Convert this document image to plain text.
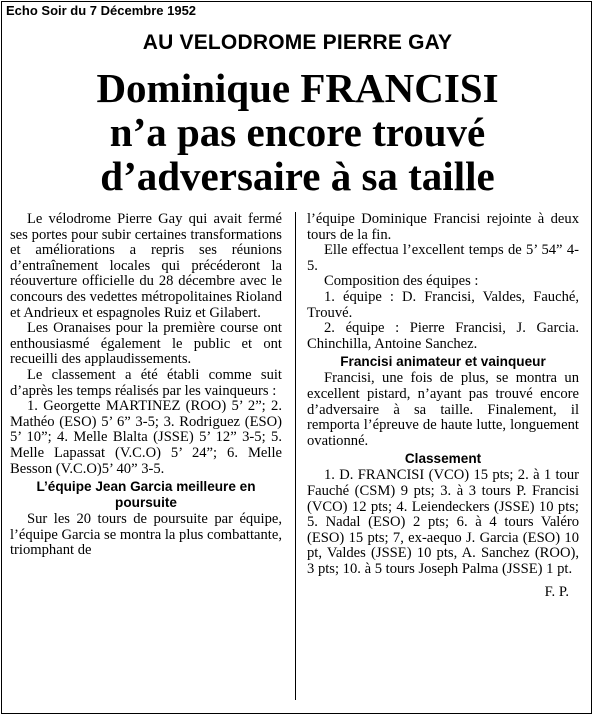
Echo Soir du 7 Décembre 1952
AU VELODROME PIERRE GAY
Dominique FRANCISI
n’a pas encore trouvé
d’adversaire à sa taille

Le vélodrome Pierre Gay qui avait fermé ses portes pour subir certaines transformations et améliorations a repris ses réunions d’entraînement locales qui précéderont la réouverture officielle du 28 décembre avec le concours des vedettes métropolitaines Rioland et Andrieux et espagnoles Ruiz et Gilabert.

Les Oranaises pour la première course ont enthousiasmé également le public et ont recueilli des applaudissements.

Le classement a été établi comme suit d’après les temps réalisés par les vainqueurs :

1. Georgette MARTINEZ (ROO) 5’ 2”; 2. Mathéo (ESO) 5’ 6” 3-5; 3. Rodriguez (ESO) 5’ 10”; 4. Melle Blalta (JSSE) 5’ 12” 3-5; 5. Melle Lapassat (V.C.O) 5’ 24”; 6. Melle Besson (V.C.O)5’ 40” 3-5.

L’équipe Jean Garcia meilleure en poursuite

Sur les 20 tours de poursuite par équipe, l’équipe Garcia se montra la plus combattante, triomphant de

l’équipe Dominique Francisi rejointe à deux tours de la fin.

Elle effectua l’excellent temps de 5’ 54” 4-5.

Composition des équipes :

1. équipe : D. Francisi, Valdes, Fauché, Trouvé.

2. équipe : Pierre Francisi, J. Garcia. Chinchilla, Antoine Sanchez.

Francisi animateur et vainqueur

Francisi, une fois de plus, se montra un excellent pistard, n’ayant pas trouvé encore d’adversaire à sa taille. Finalement, il remporta l’épreuve de haute lutte, longuement ovationné.

Classement

1. D. FRANCISI (VCO) 15 pts; 2. à 1 tour Fauché (CSM) 9 pts; 3. à 3 tours P. Francisi (VCO) 12 pts; 4. Leiendeckers (JSSE) 10 pts; 5. Nadal (ESO) 2 pts; 6. à 4 tours Valéro (ESO) 15 pts; 7, ex-aequo J. Garcia (ESO) 10 pt, Valdes (JSSE) 10 pts, A. Sanchez (ROO), 3 pts; 10. à 5 tours Joseph Palma (JSSE) 1 pt.

F. P.
